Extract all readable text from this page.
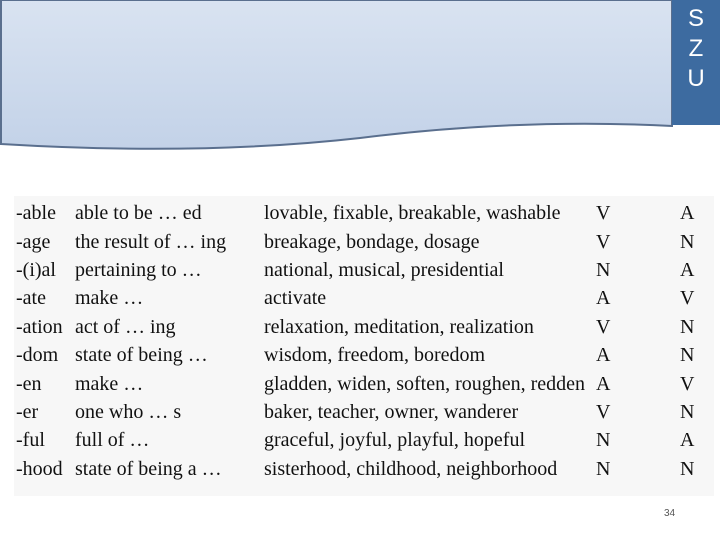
S
Z
U
-able	able to be … ed	lovable, fixable, breakable, washable	V	A
-age	the result of … ing	breakage, bondage, dosage	V	N
-(i)al	pertaining to …	national, musical, presidential	N	A
-ate	make …	activate	A	V
-ation	act of … ing	relaxation, meditation, realization	V	N
-dom	state of being …	wisdom, freedom, boredom	A	N
-en	make …	gladden, widen, soften, roughen, redden	A	V
-er	one who … s	baker, teacher, owner, wanderer	V	N
-ful	full of …	graceful, joyful, playful, hopeful	N	A
-hood	state of being a …	sisterhood, childhood, neighborhood	N	N
34
